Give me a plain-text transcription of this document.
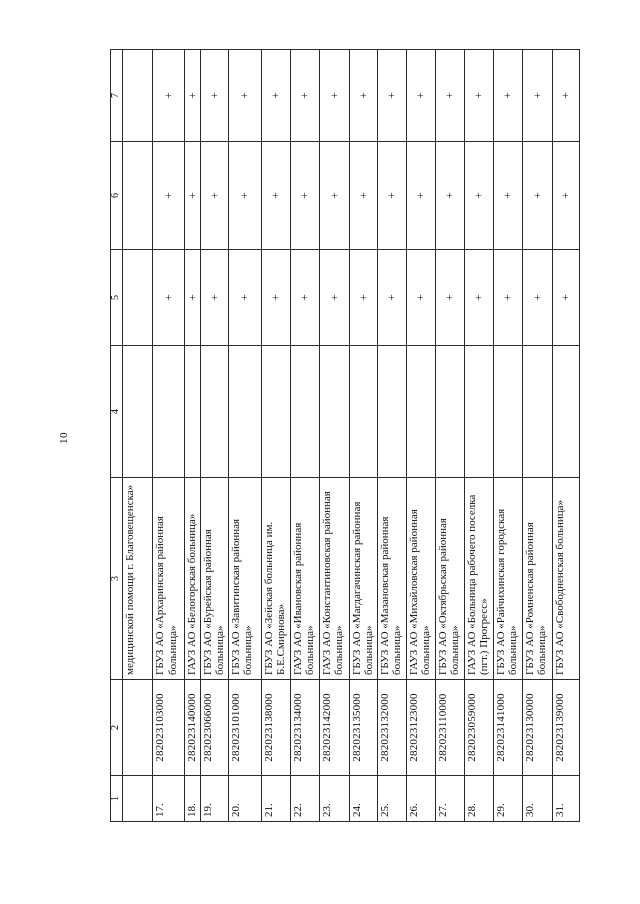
10
1	2	3	4	5	6	7
		медицинской помощи г. Благовещенска»				
17.	282023103000	ГБУЗ АО «Архаринская районная больница»		+	+	+
18.	282023140000	ГАУЗ АО «Белогорская больница»		+	+	+
19.	282023066000	ГБУЗ АО «Бурейская районная больница»		+	+	+
20.	282023101000	ГБУЗ АО «Завитинская районная больница»		+	+	+
21.	282023138000	ГБУЗ АО «Зейская больница им. Б.Е.Смирнова»		+	+	+
22.	282023134000	ГАУЗ АО «Ивановская районная больница»		+	+	+
23.	282023142000	ГАУЗ АО «Константиновская районная больница»		+	+	+
24.	282023135000	ГБУЗ АО «Магдагачинская районная больница»		+	+	+
25.	282023132000	ГБУЗ АО «Мазановская районная больница»		+	+	+
26.	282023123000	ГАУЗ АО «Михайловская районная больница»		+	+	+
27.	282023110000	ГБУЗ АО «Октябрьская районная больница»		+	+	+
28.	282023059000	ГАУЗ АО «Больница рабочего поселка (пгт.) Прогресс»		+	+	+
29.	282023141000	ГБУЗ АО «Райчихинская городская больница»		+	+	+
30.	282023130000	ГБУЗ АО «Ромненская районная больница»		+	+	+
31.	282023139000	ГБУЗ АО «Свободненская больница»		+	+	+
